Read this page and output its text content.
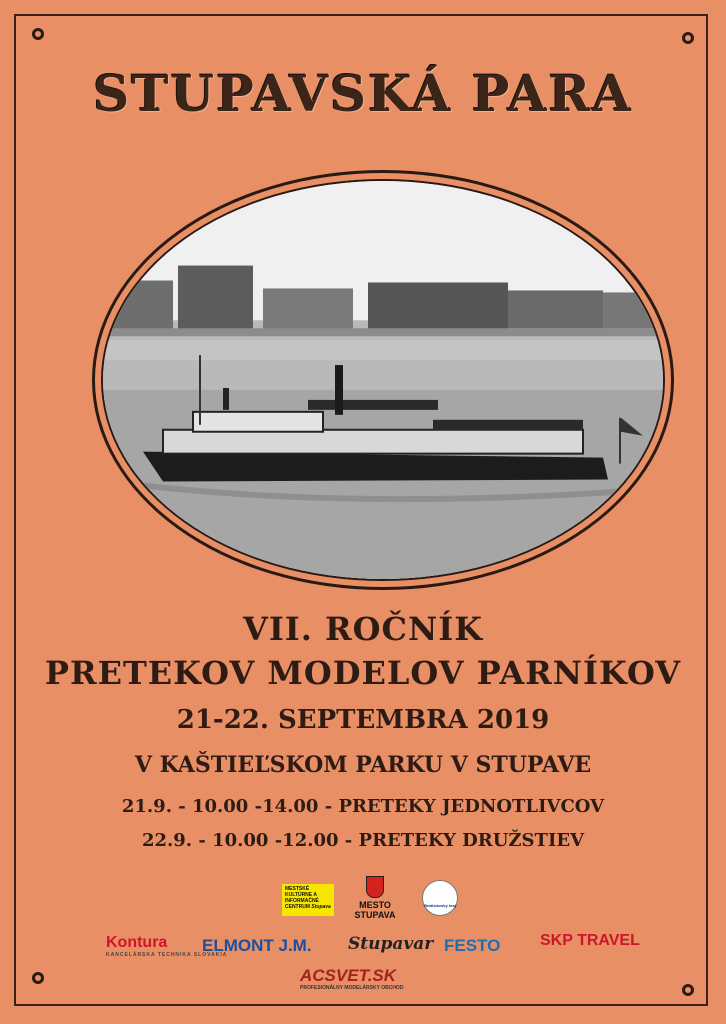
STUPAVSKÁ PARA
VII. ROČNÍK
PRETEKOV MODELOV PARNÍKOV
21-22. SEPTEMBRA 2019
V KAŠTIEĽSKOM PARKU V STUPAVE
21.9. - 10.00 -14.00 - PRETEKY JEDNOTLIVCOV
22.9. - 10.00 -12.00 - PRETEKY DRUŽSTIEV
MESTSKÉ KULTÚRNE A INFORMAČNÉ CENTRUM Stupava	MESTO STUPAVA
Bratislavský kraj
Kontura
KANCELÁRSKA TECHNIKA SLOVAKIA
ELMONT J.M. Stupavar FESTO SKP TRAVEL
ACSVET.SK
PROFESIONÁLNY MODELÁRSKY OBCHOD
